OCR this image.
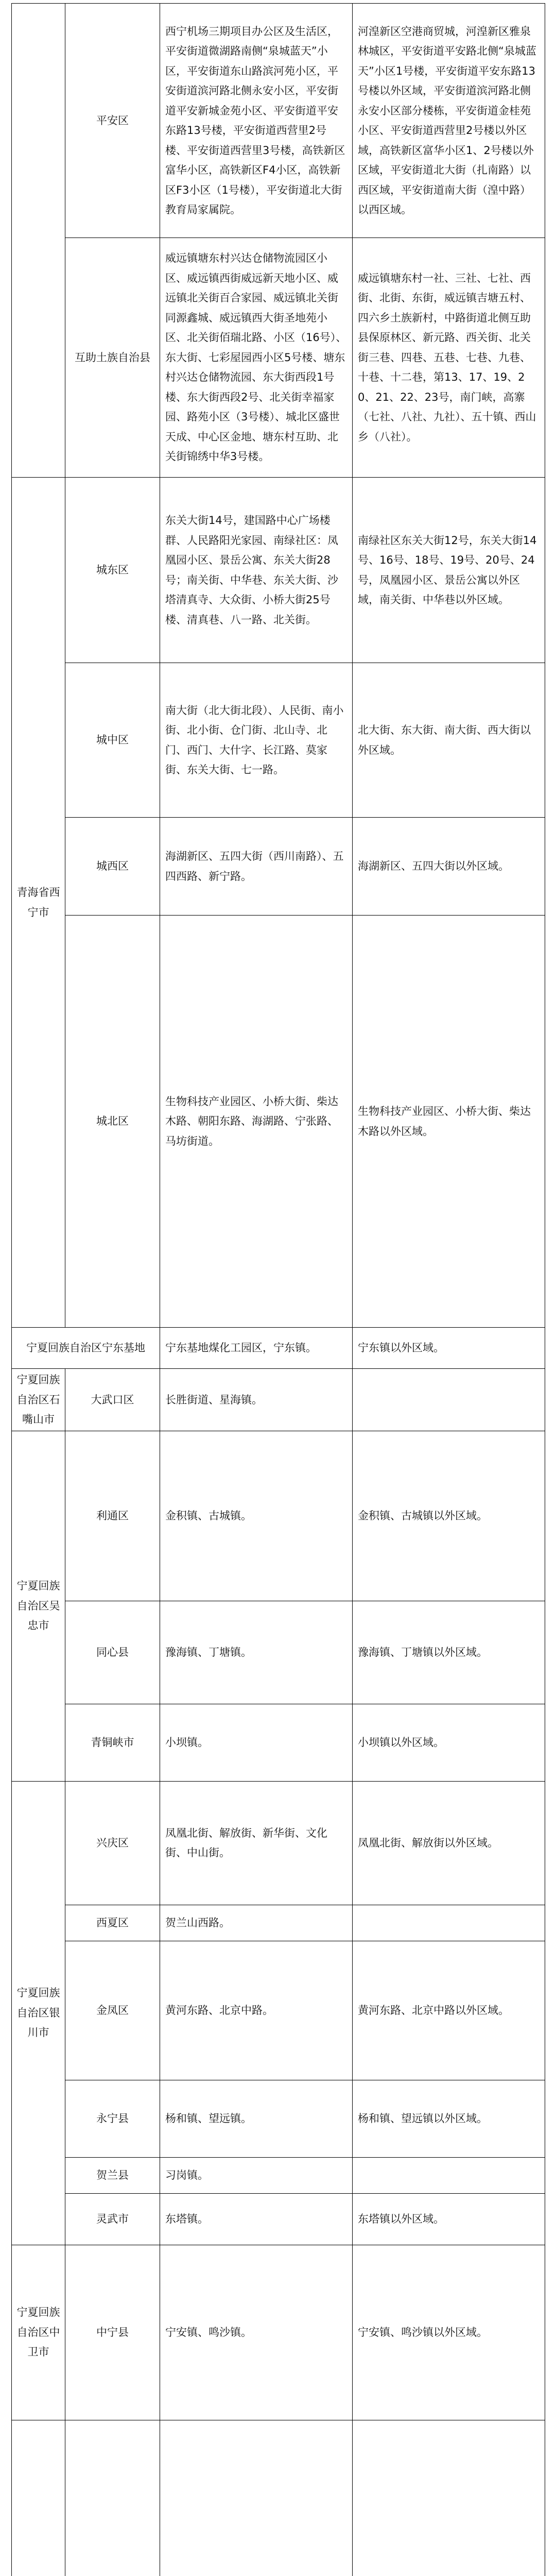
	平安区	西宁机场三期项目办公区及生活区，平安街道微湖路南侧“泉城蓝天”小区，平安街道东山路滨河苑小区，平安街道滨河路北侧永安小区，平安街道平安新城金苑小区、平安街道平安东路13号楼，平安街道西营里2号楼、平安街道西营里3号楼，高铁新区富华小区，高铁新区F4小区，高铁新区F3小区（1号楼），平安街道北大街教育局家属院。	河湟新区空港商贸城，河湟新区雅泉林城区，平安街道平安路北侧“泉城蓝天”小区1号楼，平安街道平安东路13号楼以外区域，平安街道滨河路北侧永安小区部分楼栋，平安街道金桂苑小区、平安街道西营里2号楼以外区域，高铁新区富华小区1、2号楼以外区域，平安街道北大街（扎南路）以西区域，平安街道南大街（湟中路）以西区域。
	互助土族自治县	威远镇塘东村兴达仓储物流园区小区、威远镇西街威远新天地小区、威远镇北关街百合家园、威远镇北关街同源鑫城、威远镇西大街圣地苑小区、北关街佰瑞北路、小区（16号）、东大街、七彩屋园西小区5号楼、塘东村兴达仓储物流园、东大街西段1号楼、东大街西段2号、北关街幸福家园、路苑小区（3号楼）、城北区盛世天成、中心区金地、塘东村互助、北关街锦绣中华3号楼。	威远镇塘东村一社、三社、七社、西街、北街、东街，威远镇吉塘五村、四六乡土族新村，中路街道北侧互助县保原林区、新元路、西关街、北关街三巷、四巷、五巷、七巷、九巷、十巷、十二巷，第13、17、19、20、21、22、23号，南门峡，高寨（七社、八社、九社）、五十镇、西山乡（八社）。
青海省西宁市	城东区	东关大街14号，建国路中心广场楼群、人民路阳光家园、南绿社区：凤凰园小区、景岳公寓、东关大街28号；南关街、中华巷、东关大街、沙塔清真寺、大众街、小桥大街25号楼、清真巷、八一路、北关街。	南绿社区东关大街12号，东关大街14号、16号、18号、19号、20号、24号，凤凰园小区、景岳公寓以外区域，南关街、中华巷以外区域。
	城中区	南大街（北大街北段）、人民街、南小街、北小街、仓门街、北山寺、北门、西门、大什字、长江路、莫家街、东关大街、七一路。	北大街、东大街、南大街、西大街以外区域。
	城西区	海湖新区、五四大街（西川南路）、五四西路、新宁路。	海湖新区、五四大街以外区域。
	城北区	生物科技产业园区、小桥大街、柴达木路、朝阳东路、海湖路、宁张路、马坊街道。	生物科技产业园区、小桥大街、柴达木路以外区域。
宁夏回族自治区宁东基地		宁东基地煤化工园区，宁东镇。	宁东镇以外区域。
宁夏回族自治区石嘴山市	大武口区	长胜街道、星海镇。	
宁夏回族自治区吴忠市	利通区	金积镇、古城镇。	金积镇、古城镇以外区域。
	同心县	豫海镇、丁塘镇。	豫海镇、丁塘镇以外区域。
	青铜峡市	小坝镇。	小坝镇以外区域。
宁夏回族自治区银川市	兴庆区	凤凰北街、解放街、新华街、文化街、中山街。	凤凰北街、解放街以外区域。
	西夏区	贺兰山西路。	
	金凤区	黄河东路、北京中路。	黄河东路、北京中路以外区域。
	永宁县	杨和镇、望远镇。	杨和镇、望远镇以外区域。
	贺兰县	习岗镇。	
	灵武市	东塔镇。	东塔镇以外区域。
宁夏回族自治区中卫市	中宁县	宁安镇、鸣沙镇。	宁安镇、鸣沙镇以外区域。
